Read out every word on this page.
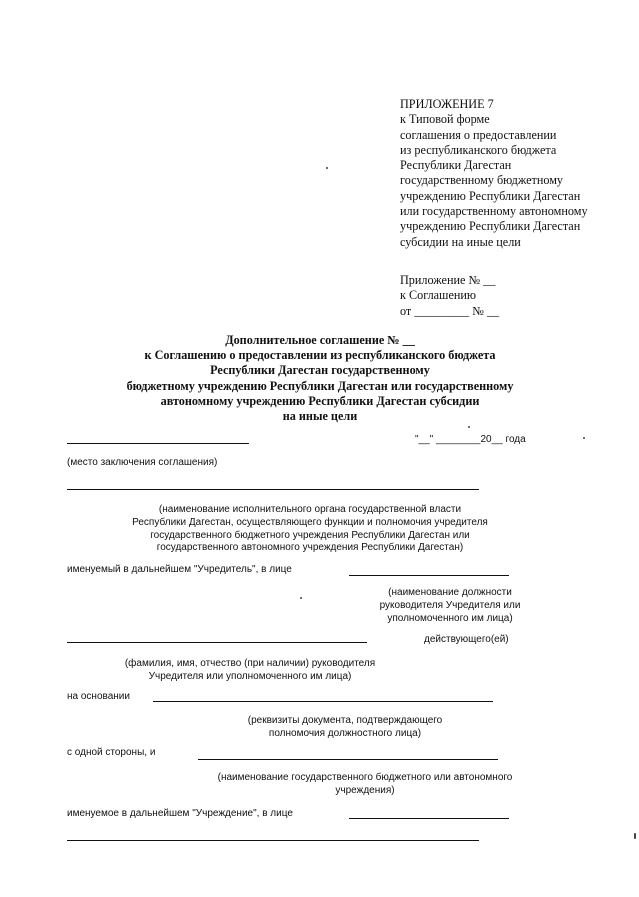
ПРИЛОЖЕНИЕ 7
к Типовой форме
соглашения о предоставлении
из республиканского бюджета
Республики Дагестан
государственному бюджетному
учреждению Республики Дагестан
или государственному автономному
учреждению Республики Дагестан
субсидии на иные цели
Приложение № __
к Соглашению
от _________ № __
Дополнительное соглашение № __
к Соглашению о предоставлении из республиканского бюджета
Республики Дагестан государственному
бюджетному учреждению Республики Дагестан или государственному
автономному учреждению Республики Дагестан субсидии
на иные цели
"__" ________20__ года
(место заключения соглашения)
(наименование исполнительного органа государственной власти
Республики Дагестан, осуществляющего функции и полномочия учредителя
государственного бюджетного учреждения Республики Дагестан или
государственного автономного учреждения Республики Дагестан)
именуемый в дальнейшем "Учредитель", в лице
(наименование должности
руководителя Учредителя или
уполномоченного им лица)
действующего(ей)
(фамилия, имя, отчество (при наличии) руководителя
Учредителя или уполномоченного им лица)
на основании
(реквизиты документа, подтверждающего
полномочия должностного лица)
с одной стороны, и
(наименование государственного бюджетного или автономного
учреждения)
именуемое в дальнейшем "Учреждение", в лице
